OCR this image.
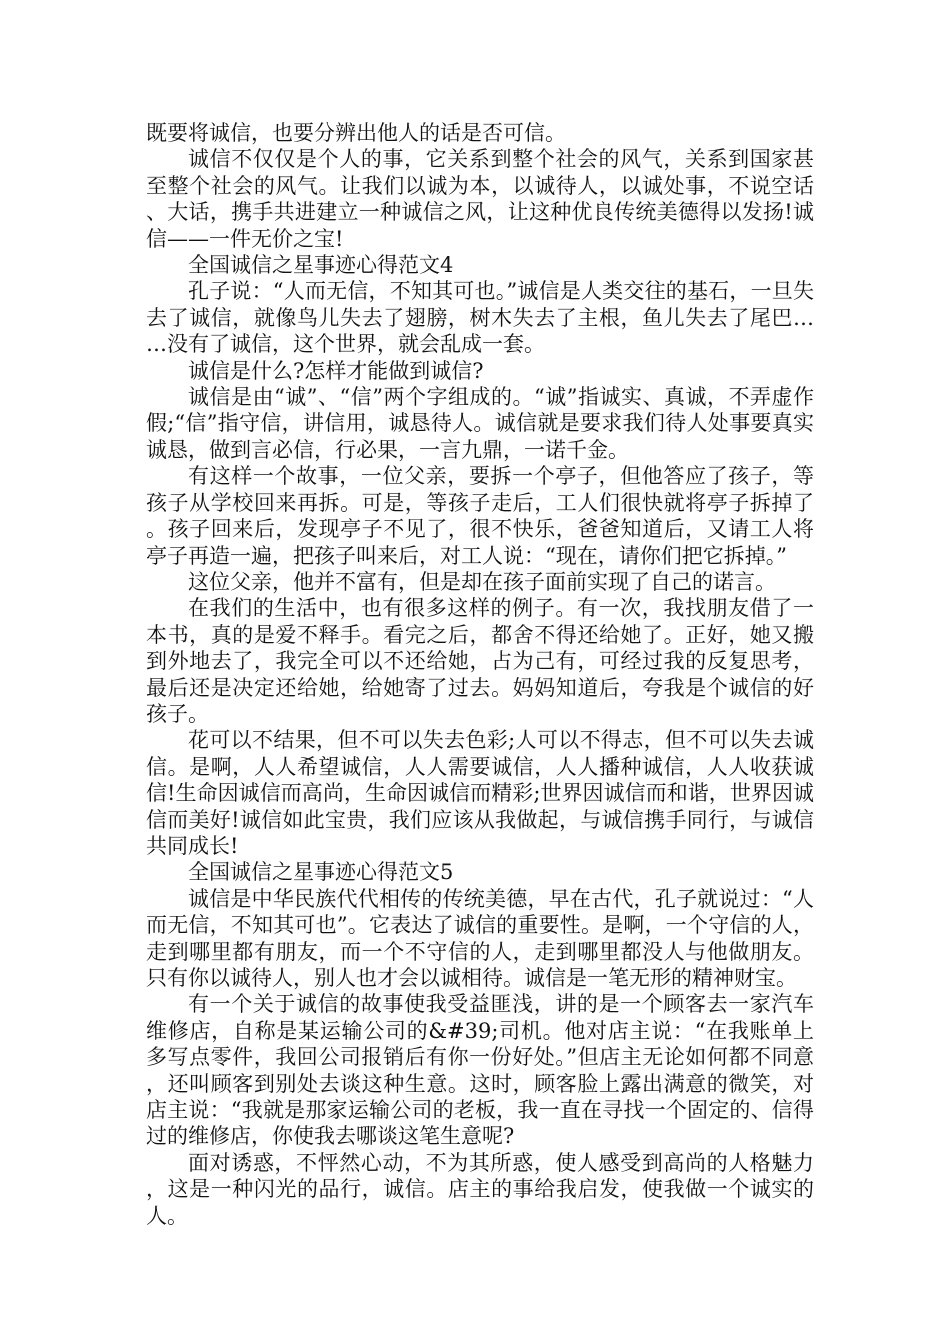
既要将诚信，也要分辨出他人的话是否可信。

诚信不仅仅是个人的事，它关系到整个社会的风气，关系到国家甚至整个社会的风气。让我们以诚为本，以诚待人，以诚处事，不说空话、大话，携手共进建立一种诚信之风，让这种优良传统美德得以发扬!诚信——一件无价之宝!

全国诚信之星事迹心得范文4

孔子说：“人而无信，不知其可也。”诚信是人类交往的基石，一旦失去了诚信，就像鸟儿失去了翅膀，树木失去了主根，鱼儿失去了尾巴……没有了诚信，这个世界，就会乱成一套。

诚信是什么?怎样才能做到诚信?

诚信是由“诚”、“信”两个字组成的。“诚”指诚实、真诚，不弄虚作假;“信”指守信，讲信用，诚恳待人。诚信就是要求我们待人处事要真实诚恳，做到言必信，行必果，一言九鼎，一诺千金。

有这样一个故事，一位父亲，要拆一个亭子，但他答应了孩子，等孩子从学校回来再拆。可是，等孩子走后，工人们很快就将亭子拆掉了。孩子回来后，发现亭子不见了，很不快乐，爸爸知道后，又请工人将亭子再造一遍，把孩子叫来后，对工人说：“现在，请你们把它拆掉。”

这位父亲，他并不富有，但是却在孩子面前实现了自己的诺言。

在我们的生活中，也有很多这样的例子。有一次，我找朋友借了一本书，真的是爱不释手。看完之后，都舍不得还给她了。正好，她又搬到外地去了，我完全可以不还给她，占为己有，可经过我的反复思考，最后还是决定还给她，给她寄了过去。妈妈知道后，夸我是个诚信的好孩子。

花可以不结果，但不可以失去色彩;人可以不得志，但不可以失去诚信。是啊，人人希望诚信，人人需要诚信，人人播种诚信，人人收获诚信!生命因诚信而高尚，生命因诚信而精彩;世界因诚信而和谐，世界因诚信而美好!诚信如此宝贵，我们应该从我做起，与诚信携手同行，与诚信共同成长!

全国诚信之星事迹心得范文5

诚信是中华民族代代相传的传统美德，早在古代，孔子就说过：“人而无信，不知其可也”。它表达了诚信的重要性。是啊，一个守信的人，走到哪里都有朋友，而一个不守信的人，走到哪里都没人与他做朋友。只有你以诚待人，别人也才会以诚相待。诚信是一笔无形的精神财宝。

有一个关于诚信的故事使我受益匪浅，讲的是一个顾客去一家汽车维修店，自称是某运输公司的&#39;司机。他对店主说：“在我账单上多写点零件，我回公司报销后有你一份好处。”但店主无论如何都不同意，还叫顾客到别处去谈这种生意。这时，顾客脸上露出满意的微笑，对店主说：“我就是那家运输公司的老板，我一直在寻找一个固定的、信得过的维修店，你使我去哪谈这笔生意呢?

面对诱惑，不怦然心动，不为其所惑，使人感受到高尚的人格魅力，这是一种闪光的品行，诚信。店主的事给我启发，使我做一个诚实的人。
